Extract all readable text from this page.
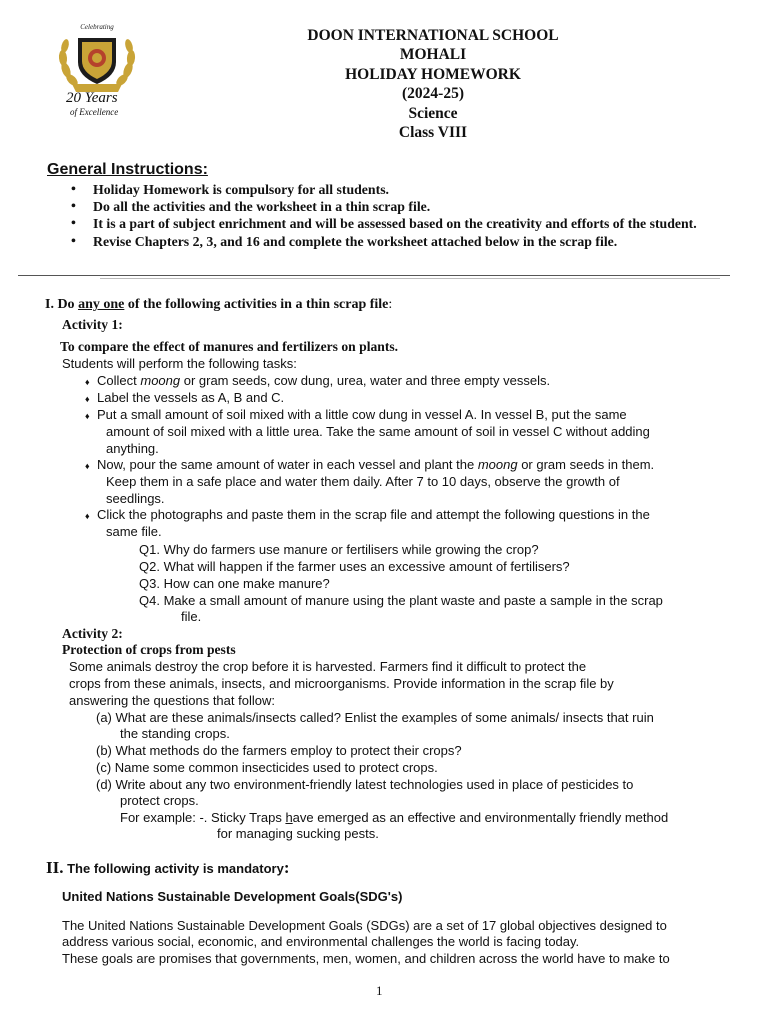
Celebrating
20 Years
of Excellence
DOON INTERNATIONAL SCHOOL
MOHALI
HOLIDAY HOMEWORK
(2024-25)
Science
Class VIII
General Instructions:
• Holiday Homework is compulsory for all students.
• Do all the activities and the worksheet in a thin scrap file.
• It is a part of subject enrichment and will be assessed based on the creativity and efforts of the student.
• Revise Chapters 2, 3, and 16 and complete the worksheet attached below in the scrap file.
I. Do any one of the following activities in a thin scrap file:
Activity 1:
To compare the effect of manures and fertilizers on plants.
Students will perform the following tasks:
♦ Collect moong or gram seeds, cow dung, urea, water and three empty vessels.
♦ Label the vessels as A, B and C.
♦ Put a small amount of soil mixed with a little cow dung in vessel A. In vessel B, put the same
amount of soil mixed with a little urea. Take the same amount of soil in vessel C without adding
anything.
♦ Now, pour the same amount of water in each vessel and plant the moong or gram seeds in them.
Keep them in a safe place and water them daily. After 7 to 10 days, observe the growth of
seedlings.
♦ Click the photographs and paste them in the scrap file and attempt the following questions in the
same file.
Q1. Why do farmers use manure or fertilisers while growing the crop?
Q2. What will happen if the farmer uses an excessive amount of fertilisers?
Q3. How can one make manure?
Q4. Make a small amount of manure using the plant waste and paste a sample in the scrap
file.
Activity 2:
Protection of crops from pests
Some animals destroy the crop before it is harvested. Farmers find it difficult to protect the
crops from these animals, insects, and microorganisms. Provide information in the scrap file by
answering the questions that follow:
(a) What are these animals/insects called? Enlist the examples of some animals/ insects that ruin
the standing crops.
(b) What methods do the farmers employ to protect their crops?
(c) Name some common insecticides used to protect crops.
(d) Write about any two environment-friendly latest technologies used in place of pesticides to
protect crops.
For example: -. Sticky Traps have emerged as an effective and environmentally friendly method
for managing sucking pests.
II. The following activity is mandatory:
United Nations Sustainable Development Goals(SDG's)
The United Nations Sustainable Development Goals (SDGs) are a set of 17 global objectives designed to
address various social, economic, and environmental challenges the world is facing today.
These goals are promises that governments, men, women, and children across the world have to make to
1
